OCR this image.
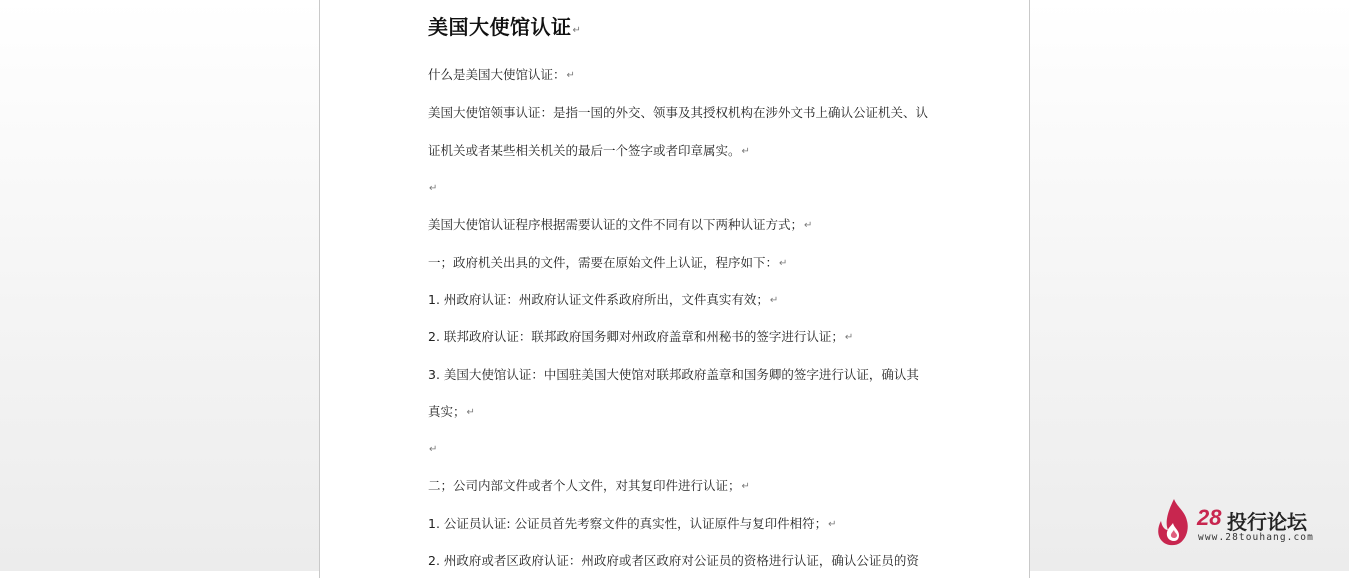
美国大使馆认证↵
什么是美国大使馆认证：↵
美国大使馆领事认证：是指一国的外交、领事及其授权机构在涉外文书上确认公证机关、认
证机关或者某些相关机关的最后一个签字或者印章属实。↵
↵
美国大使馆认证程序根据需要认证的文件不同有以下两种认证方式；↵
一；政府机关出具的文件，需要在原始文件上认证，程序如下：↵
1. 州政府认证：州政府认证文件系政府所出，文件真实有效；↵
2. 联邦政府认证：联邦政府国务卿对州政府盖章和州秘书的签字进行认证；↵
3. 美国大使馆认证：中国驻美国大使馆对联邦政府盖章和国务卿的签字进行认证，确认其
真实；↵
↵
二；公司内部文件或者个人文件，对其复印件进行认证；↵
1. 公证员认证: 公证员首先考察文件的真实性，认证原件与复印件相符；↵
2. 州政府或者区政府认证：州政府或者区政府对公证员的资格进行认证，确认公证员的资
28 投行论坛
www.28touhang.com
